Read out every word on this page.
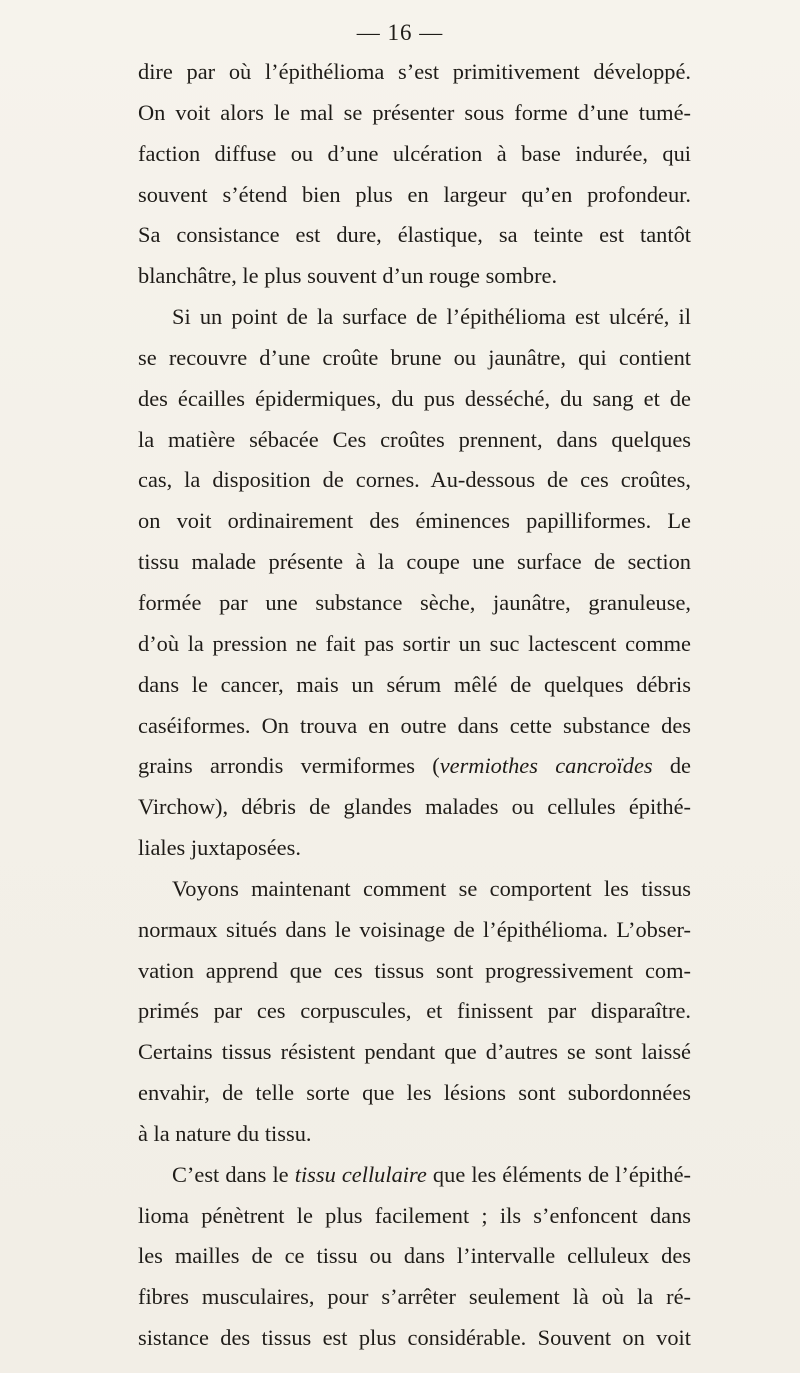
— 16 —
dire par où l’épithélioma s’est primitivement développé.
On voit alors le mal se présenter sous forme d’une tumé-
faction diffuse ou d’une ulcération à base indurée, qui
souvent s’étend bien plus en largeur qu’en profondeur.
Sa consistance est dure, élastique, sa teinte est tantôt
blanchâtre, le plus souvent d’un rouge sombre.
Si un point de la surface de l’épithélioma est ulcéré, il
se recouvre d’une croûte brune ou jaunâtre, qui contient
des écailles épidermiques, du pus desséché, du sang et de
la matière sébacée Ces croûtes prennent, dans quelques
cas, la disposition de cornes. Au-dessous de ces croûtes,
on voit ordinairement des éminences papilliformes. Le
tissu malade présente à la coupe une surface de section
formée par une substance sèche, jaunâtre, granuleuse,
d’où la pression ne fait pas sortir un suc lactescent comme
dans le cancer, mais un sérum mêlé de quelques débris
caséiformes. On trouva en outre dans cette substance des
grains arrondis vermiformes (vermiothes cancroïdes de
Virchow), débris de glandes malades ou cellules épithé-
liales juxtaposées.
Voyons maintenant comment se comportent les tissus
normaux situés dans le voisinage de l’épithélioma. L’obser-
vation apprend que ces tissus sont progressivement com-
primés par ces corpuscules, et finissent par disparaître.
Certains tissus résistent pendant que d’autres se sont laissé
envahir, de telle sorte que les lésions sont subordonnées
à la nature du tissu.
C’est dans le tissu cellulaire que les éléments de l’épithé-
lioma pénètrent le plus facilement ; ils s’enfoncent dans
les mailles de ce tissu ou dans l’intervalle celluleux des
fibres musculaires, pour s’arrêter seulement là où la ré-
sistance des tissus est plus considérable. Souvent on voit
